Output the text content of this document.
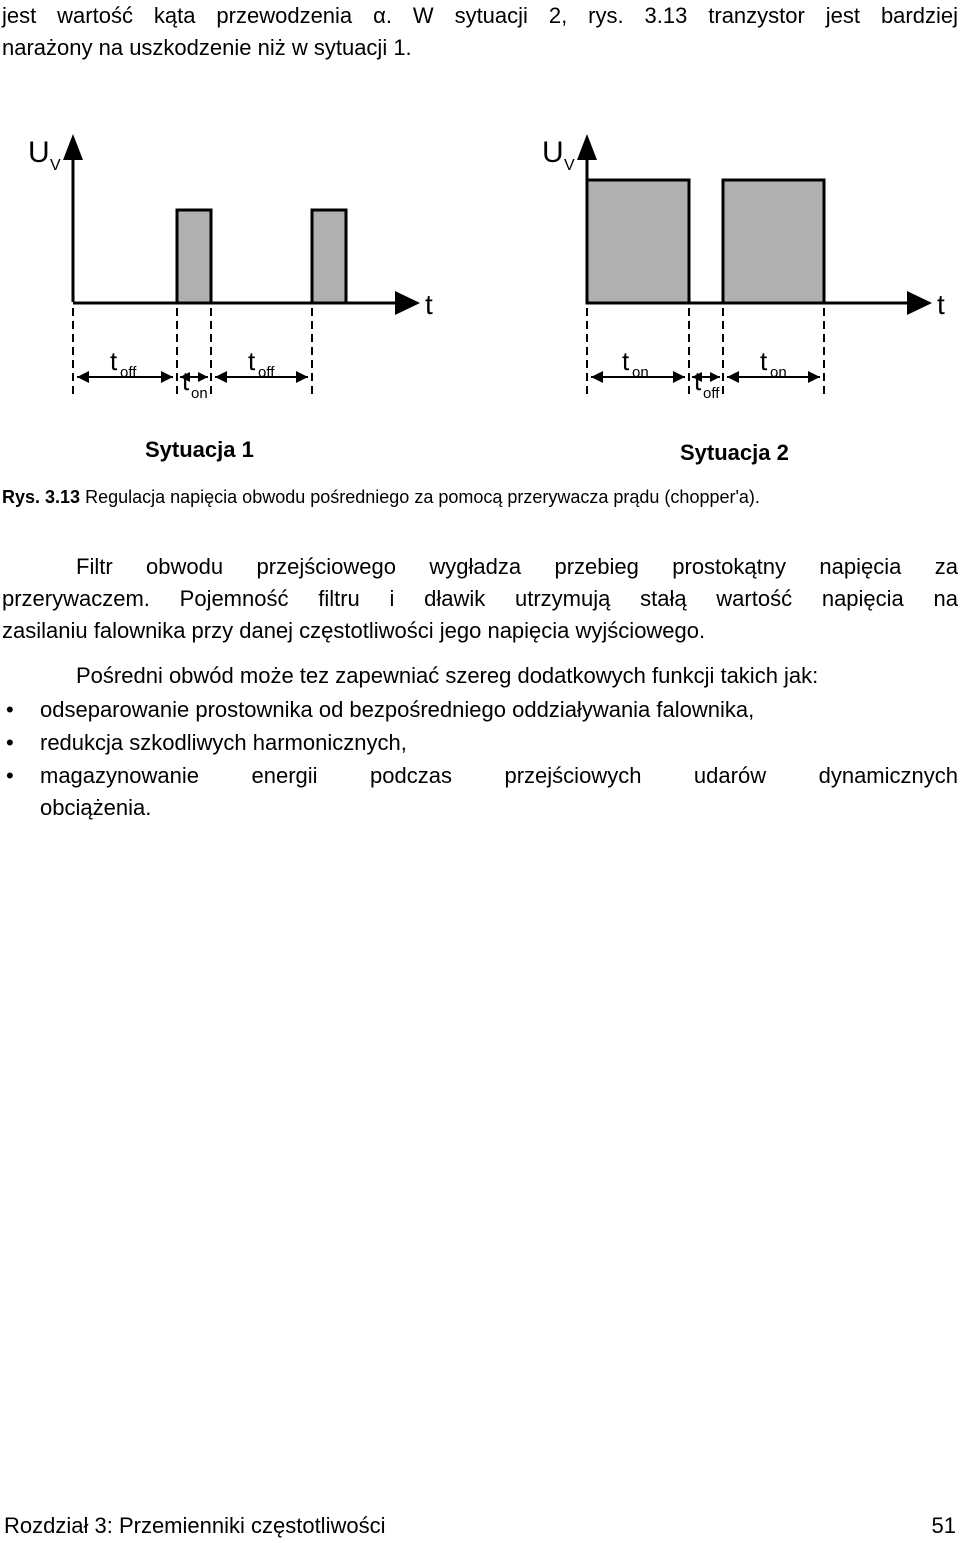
jest wartość kąta przewodzenia α. W sytuacji 2, rys. 3.13 tranzystor jest bardziej
narażony na uszkodzenie niż w sytuacji 1.
U V
t
t off t on
t off
Sytuacja 1
U V
t
t on t off
t on
Sytuacja 2
Rys. 3.13 Regulacja napięcia obwodu pośredniego za pomocą przerywacza prądu (chopper'a).
Filtr obwodu przejściowego wygładza przebieg prostokątny napięcia za
przerywaczem. Pojemność filtru i dławik utrzymują stałą wartość napięcia na
zasilaniu falownika przy danej częstotliwości jego napięcia wyjściowego.
Pośredni obwód może tez zapewniać szereg dodatkowych funkcji takich jak:
• odseparowanie prostownika od bezpośredniego oddziaływania falownika,
• redukcja szkodliwych harmonicznych,
• magazynowanie energii podczas przejściowych udarów dynamicznych
obciążenia.
Rozdział 3: Przemienniki częstotliwości	51
